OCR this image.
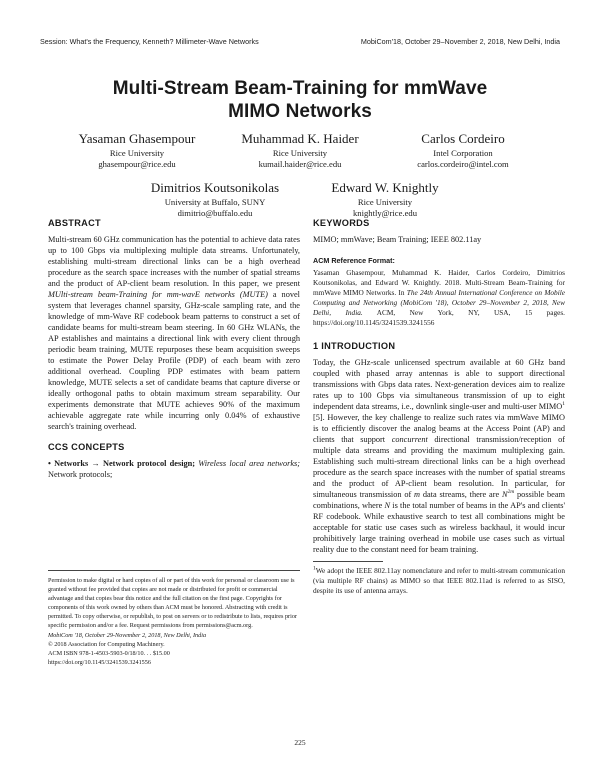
Session: What's the Frequency, Kenneth? Millimeter-Wave Networks	MobiCom'18, October 29–November 2, 2018, New Delhi, India
Multi-Stream Beam-Training for mmWave
MIMO Networks
Yasaman Ghasempour
Rice University
ghasempour@rice.edu
Muhammad K. Haider
Rice University
kumail.haider@rice.edu
Carlos Cordeiro
Intel Corporation
carlos.cordeiro@intel.com
Dimitrios Koutsonikolas
University at Buffalo, SUNY
dimitrio@buffalo.edu
Edward W. Knightly
Rice University
knightly@rice.edu
ABSTRACT

Multi-stream 60 GHz communication has the potential to achieve data rates up to 100 Gbps via multiplexing multiple data streams. Unfortunately, establishing multi-stream directional links can be a high overhead procedure as the search space increases with the number of spatial streams and the product of AP-client beam resolution. In this paper, we present MUlti-stream beam-Training for mm-wavE networks (MUTE) a novel system that leverages channel sparsity, GHz-scale sampling rate, and the knowledge of mm-Wave RF codebook beam patterns to construct a set of candidate beams for multi-stream beam steering. In 60 GHz WLANs, the AP establishes and maintains a directional link with every client through periodic beam training, MUTE repurposes these beam acquisition sweeps to estimate the Power Delay Profile (PDP) of each beam with zero additional overhead. Coupling PDP estimates with beam pattern knowledge, MUTE selects a set of candidate beams that capture diverse or ideally orthogonal paths to obtain maximum stream separability. Our experiments demonstrate that MUTE achieves 90% of the maximum achievable aggregate rate while incurring only 0.04% of exhaustive search's training overhead.

CCS CONCEPTS

• Networks → Network protocol design; Wireless local area networks; Network protocols;

Permission to make digital or hard copies of all or part of this work for personal or classroom use is granted without fee provided that copies are not made or distributed for profit or commercial advantage and that copies bear this notice and the full citation on the first page. Copyrights for components of this work owned by others than ACM must be honored. Abstracting with credit is permitted. To copy otherwise, or republish, to post on servers or to redistribute to lists, requires prior specific permission and/or a fee. Request permissions from permissions@acm.org.

MobiCom '18, October 29-November 2, 2018, New Delhi, India

© 2018 Association for Computing Machinery.

ACM ISBN 978-1-4503-5903-0/18/10. . . $15.00

https://doi.org/10.1145/3241539.3241556

KEYWORDS

MIMO; mmWave; Beam Training; IEEE 802.11ay

ACM Reference Format:

Yasaman Ghasempour, Muhammad K. Haider, Carlos Cordeiro, Dimitrios Koutsonikolas, and Edward W. Knightly. 2018. Multi-Stream Beam-Training for mmWave MIMO Networks. In The 24th Annual International Conference on Mobile Computing and Networking (MobiCom '18), October 29–November 2, 2018, New Delhi, India. ACM, New York, NY, USA, 15 pages. https://doi.org/10.1145/3241539.3241556

1 INTRODUCTION

Today, the GHz-scale unlicensed spectrum available at 60 GHz band coupled with phased array antennas is able to support directional transmissions with Gbps data rates. Next-generation devices aim to realize rates up to 100 Gbps via simultaneous transmission of up to eight independent data streams, i.e., downlink single-user and multi-user MIMO$^1$ [5]. However, the key challenge to realize such rates via mmWave MIMO is to efficiently discover the analog beams at the Access Point (AP) and clients that support concurrent directional transmission/reception of multiple data streams and providing the maximum multiplexing gain. Establishing such multi-stream directional links can be a high overhead procedure as the search space increases with the number of spatial streams and the product of AP-client beam resolution. In particular, for simultaneous transmission of m data streams, there are $N^{2m}$ possible beam combinations, where N is the total number of beams in the AP's and clients' RF codebook. While exhaustive search to test all combinations might be acceptable for static use cases such as wireless backhaul, it would incur prohibitively large training overhead in mobile use cases such as virtual reality due to the constant need for beam training.

$^1$We adopt the IEEE 802.11ay nomenclature and refer to multi-stream communication (via multiple RF chains) as MIMO so that IEEE 802.11ad is referred to as SISO, despite its use of antenna arrays.

225
